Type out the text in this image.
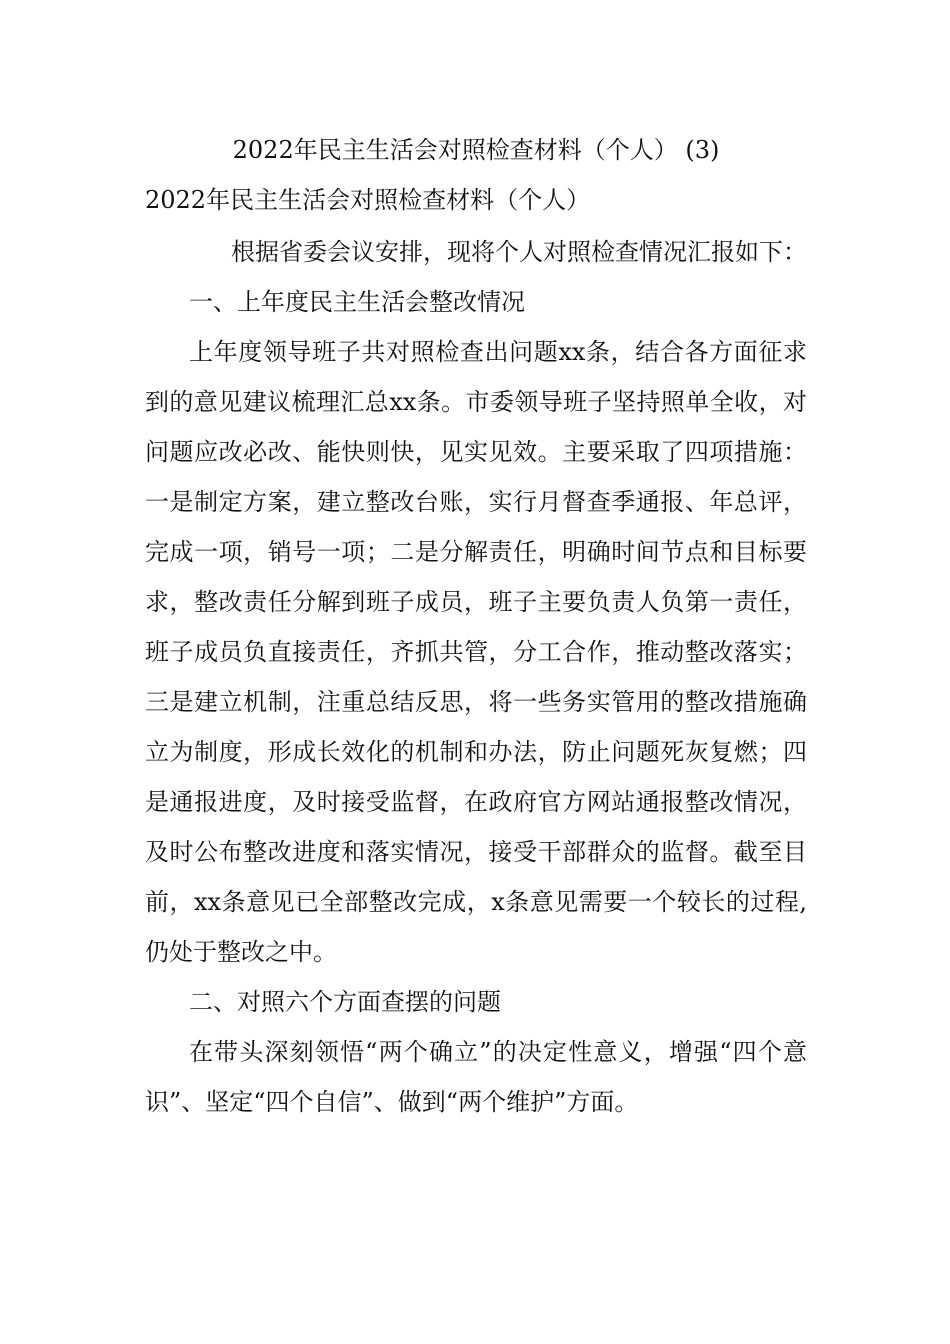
2022年民主生活会对照检查材料（个人） (3)
2022年民主生活会对照检查材料（个人）

根据省委会议安排，现将个人对照检查情况汇报如下：

一、上年度民主生活会整改情况

上年度领导班子共对照检查出问题xx条，结合各方面征求到的意见建议梳理汇总xx条。市委领导班子坚持照单全收，对问题应改必改、能快则快，见实见效。主要采取了四项措施：一是制定方案，建立整改台账，实行月督查季通报、年总评，完成一项，销号一项；二是分解责任，明确时间节点和目标要求，整改责任分解到班子成员，班子主要负责人负第一责任，班子成员负直接责任，齐抓共管，分工合作，推动整改落实；三是建立机制，注重总结反思，将一些务实管用的整改措施确立为制度，形成长效化的机制和办法，防止问题死灰复燃；四是通报进度，及时接受监督，在政府官方网站通报整改情况，及时公布整改进度和落实情况，接受干部群众的监督。截至目前，xx条意见已全部整改完成，x条意见需要一个较长的过程,仍处于整改之中。

二、对照六个方面查摆的问题

在带头深刻领悟“两个确立”的决定性意义，增强“四个意识”、坚定“四个自信”、做到“两个维护”方面。
